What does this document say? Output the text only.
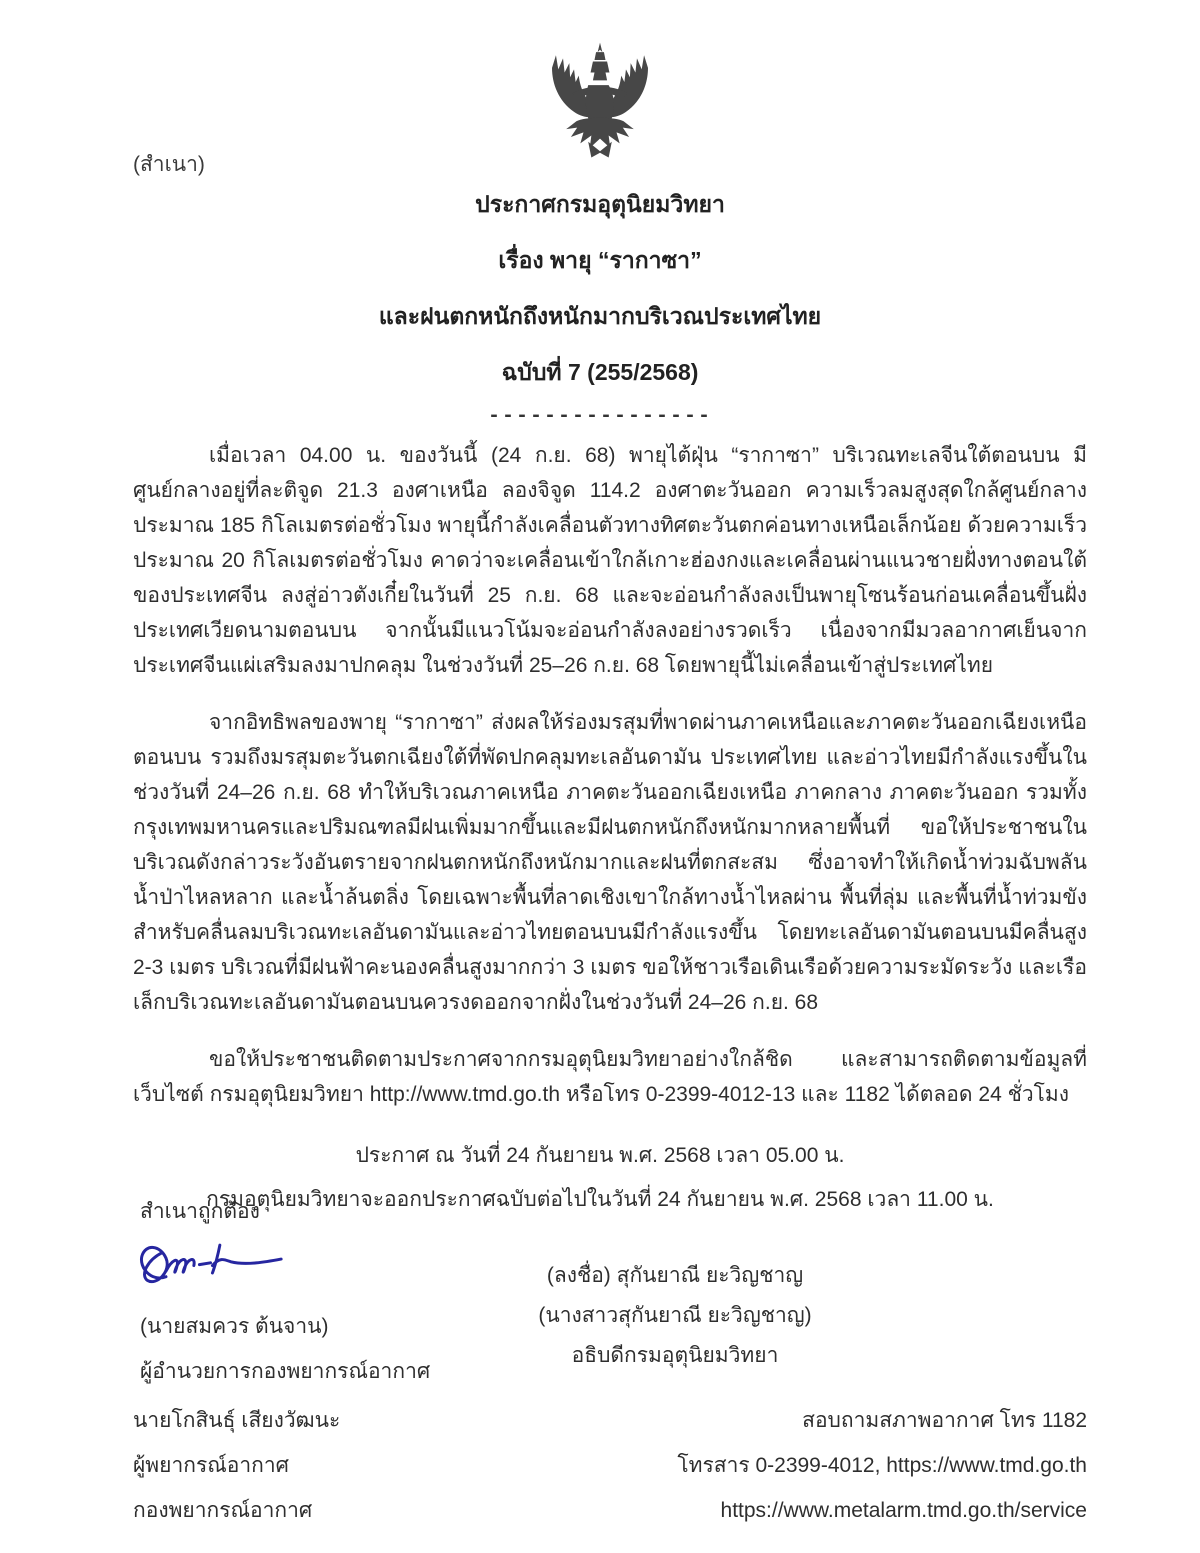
(สำเนา)
ประกาศกรมอุตุนิยมวิทยา
เรื่อง พายุ “รากาซา”
และฝนตกหนักถึงหนักมากบริเวณประเทศไทย
ฉบับที่ 7 (255/2568)
----------------

เมื่อเวลา 04.00 น. ของวันนี้ (24 ก.ย. 68) พายุไต้ฝุ่น “รากาซา” บริเวณทะเลจีนใต้ตอนบน มีศูนย์กลางอยู่ที่ละติจูด 21.3 องศาเหนือ ลองจิจูด 114.2 องศาตะวันออก ความเร็วลมสูงสุดใกล้ศูนย์กลางประมาณ 185 กิโลเมตรต่อชั่วโมง พายุนี้กำลังเคลื่อนตัวทางทิศตะวันตกค่อนทางเหนือเล็กน้อย ด้วยความเร็วประมาณ 20 กิโลเมตรต่อชั่วโมง คาดว่าจะเคลื่อนเข้าใกล้เกาะฮ่องกงและเคลื่อนผ่านแนวชายฝั่งทางตอนใต้ของประเทศจีน ลงสู่อ่าวตังเกี๋ยในวันที่ 25 ก.ย. 68 และจะอ่อนกำลังลงเป็นพายุโซนร้อนก่อนเคลื่อนขึ้นฝั่งประเทศเวียดนามตอนบน จากนั้นมีแนวโน้มจะอ่อนกำลังลงอย่างรวดเร็ว เนื่องจากมีมวลอากาศเย็นจากประเทศจีนแผ่เสริมลงมาปกคลุม ในช่วงวันที่ 25–26 ก.ย. 68 โดยพายุนี้ไม่เคลื่อนเข้าสู่ประเทศไทย

จากอิทธิพลของพายุ “รากาซา” ส่งผลให้ร่องมรสุมที่พาดผ่านภาคเหนือและภาคตะวันออกเฉียงเหนือตอนบน รวมถึงมรสุมตะวันตกเฉียงใต้ที่พัดปกคลุมทะเลอันดามัน ประเทศไทย และอ่าวไทยมีกำลังแรงขึ้นในช่วงวันที่ 24–26 ก.ย. 68 ทำให้บริเวณภาคเหนือ ภาคตะวันออกเฉียงเหนือ ภาคกลาง ภาคตะวันออก รวมทั้งกรุงเทพมหานครและปริมณฑลมีฝนเพิ่มมากขึ้นและมีฝนตกหนักถึงหนักมากหลายพื้นที่ ขอให้ประชาชนในบริเวณดังกล่าวระวังอันตรายจากฝนตกหนักถึงหนักมากและฝนที่ตกสะสม ซึ่งอาจทำให้เกิดน้ำท่วมฉับพลัน น้ำป่าไหลหลาก และน้ำล้นตลิ่ง โดยเฉพาะพื้นที่ลาดเชิงเขาใกล้ทางน้ำไหลผ่าน พื้นที่ลุ่ม และพื้นที่น้ำท่วมขัง สำหรับคลื่นลมบริเวณทะเลอันดามันและอ่าวไทยตอนบนมีกำลังแรงขึ้น โดยทะเลอันดามันตอนบนมีคลื่นสูง 2-3 เมตร บริเวณที่มีฝนฟ้าคะนองคลื่นสูงมากกว่า 3 เมตร ขอให้ชาวเรือเดินเรือด้วยความระมัดระวัง และเรือเล็กบริเวณทะเลอันดามันตอนบนควรงดออกจากฝั่งในช่วงวันที่ 24–26 ก.ย. 68

ขอให้ประชาชนติดตามประกาศจากกรมอุตุนิยมวิทยาอย่างใกล้ชิด และสามารถติดตามข้อมูลที่เว็บไซต์ กรมอุตุนิยมวิทยา http://www.tmd.go.th หรือโทร 0-2399-4012-13 และ 1182 ได้ตลอด 24 ชั่วโมง

ประกาศ ณ วันที่ 24 กันยายน พ.ศ. 2568 เวลา 05.00 น.
กรมอุตุนิยมวิทยาจะออกประกาศฉบับต่อไปในวันที่ 24 กันยายน พ.ศ. 2568 เวลา 11.00 น.
(ลงชื่อ) สุกันยาณี ยะวิญชาญ
(นางสาวสุกันยาณี ยะวิญชาญ)
อธิบดีกรมอุตุนิยมวิทยา
สำเนาถูกต้อง
(นายสมควร ต้นจาน)
ผู้อำนวยการกองพยากรณ์อากาศ
นายโกสินธุ์ เสียงวัฒนะ
ผู้พยากรณ์อากาศ
กองพยากรณ์อากาศ
สอบถามสภาพอากาศ โทร 1182
โทรสาร 0-2399-4012, https://www.tmd.go.th
https://www.metalarm.tmd.go.th/service
